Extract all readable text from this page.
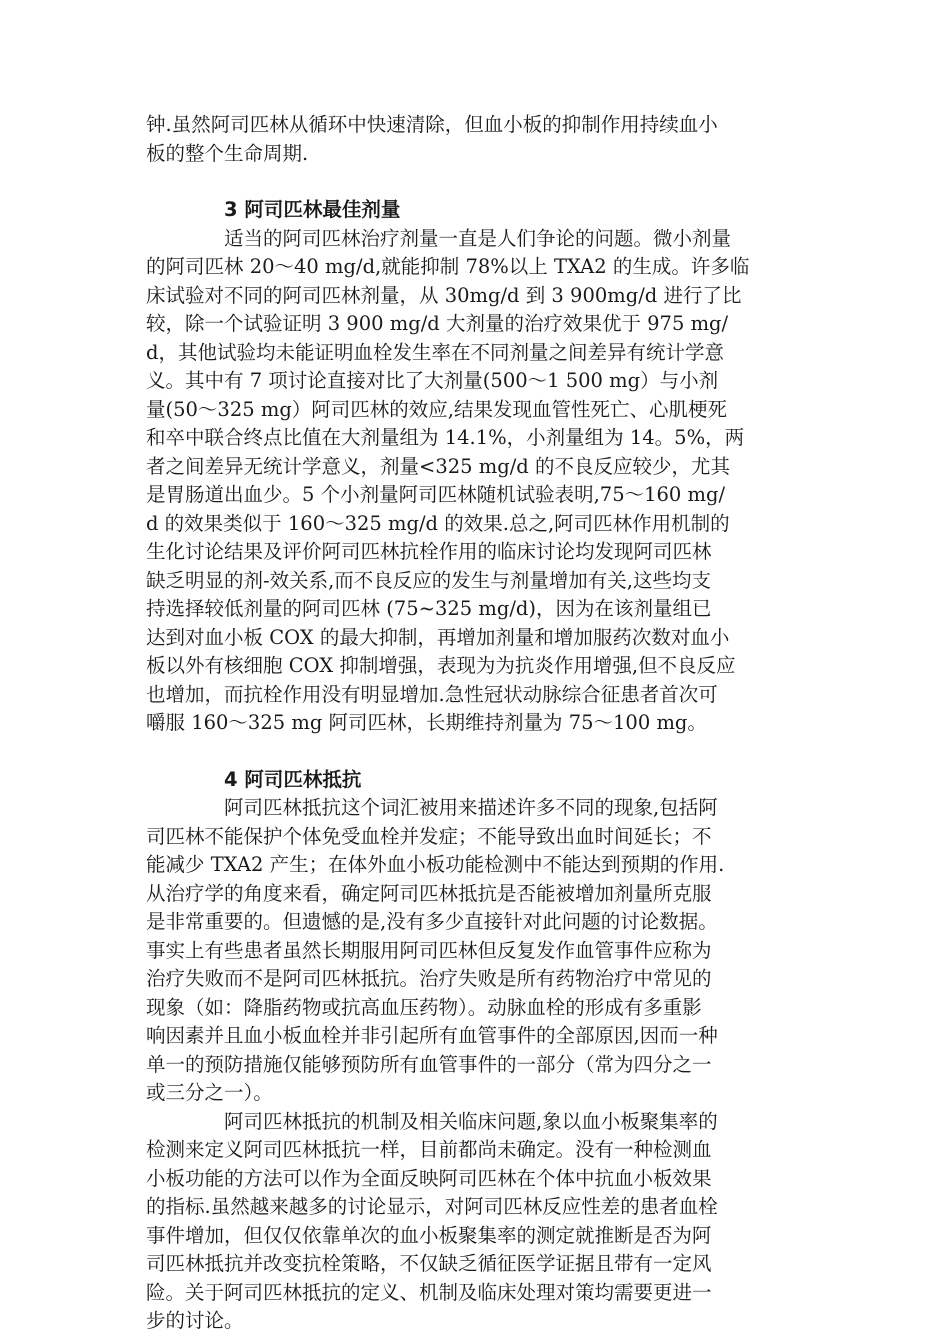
钟.虽然阿司匹林从循环中快速清除，但血小板的抑制作用持续血小
板的整个生命周期.
3 阿司匹林最佳剂量
适当的阿司匹林治疗剂量一直是人们争论的问题。微小剂量
的阿司匹林 20～40 mg/d,就能抑制 78%以上 TXA2 的生成。许多临
床试验对不同的阿司匹林剂量，从 30mg/d 到 3 900mg/d 进行了比
较，除一个试验证明 3 900 mg/d 大剂量的治疗效果优于 975 mg/
d，其他试验均未能证明血栓发生率在不同剂量之间差异有统计学意
义。其中有 7 项讨论直接对比了大剂量(500～1 500 mg）与小剂
量(50～325 mg）阿司匹林的效应,结果发现血管性死亡、心肌梗死
和卒中联合终点比值在大剂量组为 14.1%，小剂量组为 14。5%，两
者之间差异无统计学意义，剂量<325 mg/d 的不良反应较少，尤其
是胃肠道出血少。5 个小剂量阿司匹林随机试验表明,75～160 mg/
d 的效果类似于 160～325 mg/d 的效果.总之,阿司匹林作用机制的
生化讨论结果及评价阿司匹林抗栓作用的临床讨论均发现阿司匹林
缺乏明显的剂-效关系,而不良反应的发生与剂量增加有关,这些均支
持选择较低剂量的阿司匹林 (75~325 mg/d)，因为在该剂量组已
达到对血小板 COX 的最大抑制，再增加剂量和增加服药次数对血小
板以外有核细胞 COX 抑制增强，表现为为抗炎作用增强,但不良反应
也增加，而抗栓作用没有明显增加.急性冠状动脉综合征患者首次可
嚼服 160～325 mg 阿司匹林，长期维持剂量为 75～100 mg。
4 阿司匹林抵抗
阿司匹林抵抗这个词汇被用来描述许多不同的现象,包括阿
司匹林不能保护个体免受血栓并发症；不能导致出血时间延长；不
能减少 TXA2 产生；在体外血小板功能检测中不能达到预期的作用.
从治疗学的角度来看，确定阿司匹林抵抗是否能被增加剂量所克服
是非常重要的。但遗憾的是,没有多少直接针对此问题的讨论数据。
事实上有些患者虽然长期服用阿司匹林但反复发作血管事件应称为
治疗失败而不是阿司匹林抵抗。治疗失败是所有药物治疗中常见的
现象（如：降脂药物或抗高血压药物）。动脉血栓的形成有多重影
响因素并且血小板血栓并非引起所有血管事件的全部原因,因而一种
单一的预防措施仅能够预防所有血管事件的一部分（常为四分之一
或三分之一）。
阿司匹林抵抗的机制及相关临床问题,象以血小板聚集率的
检测来定义阿司匹林抵抗一样，目前都尚未确定。没有一种检测血
小板功能的方法可以作为全面反映阿司匹林在个体中抗血小板效果
的指标.虽然越来越多的讨论显示，对阿司匹林反应性差的患者血栓
事件增加，但仅仅依靠单次的血小板聚集率的测定就推断是否为阿
司匹林抵抗并改变抗栓策略，不仅缺乏循征医学证据且带有一定风
险。关于阿司匹林抵抗的定义、机制及临床处理对策均需要更进一
步的讨论。
